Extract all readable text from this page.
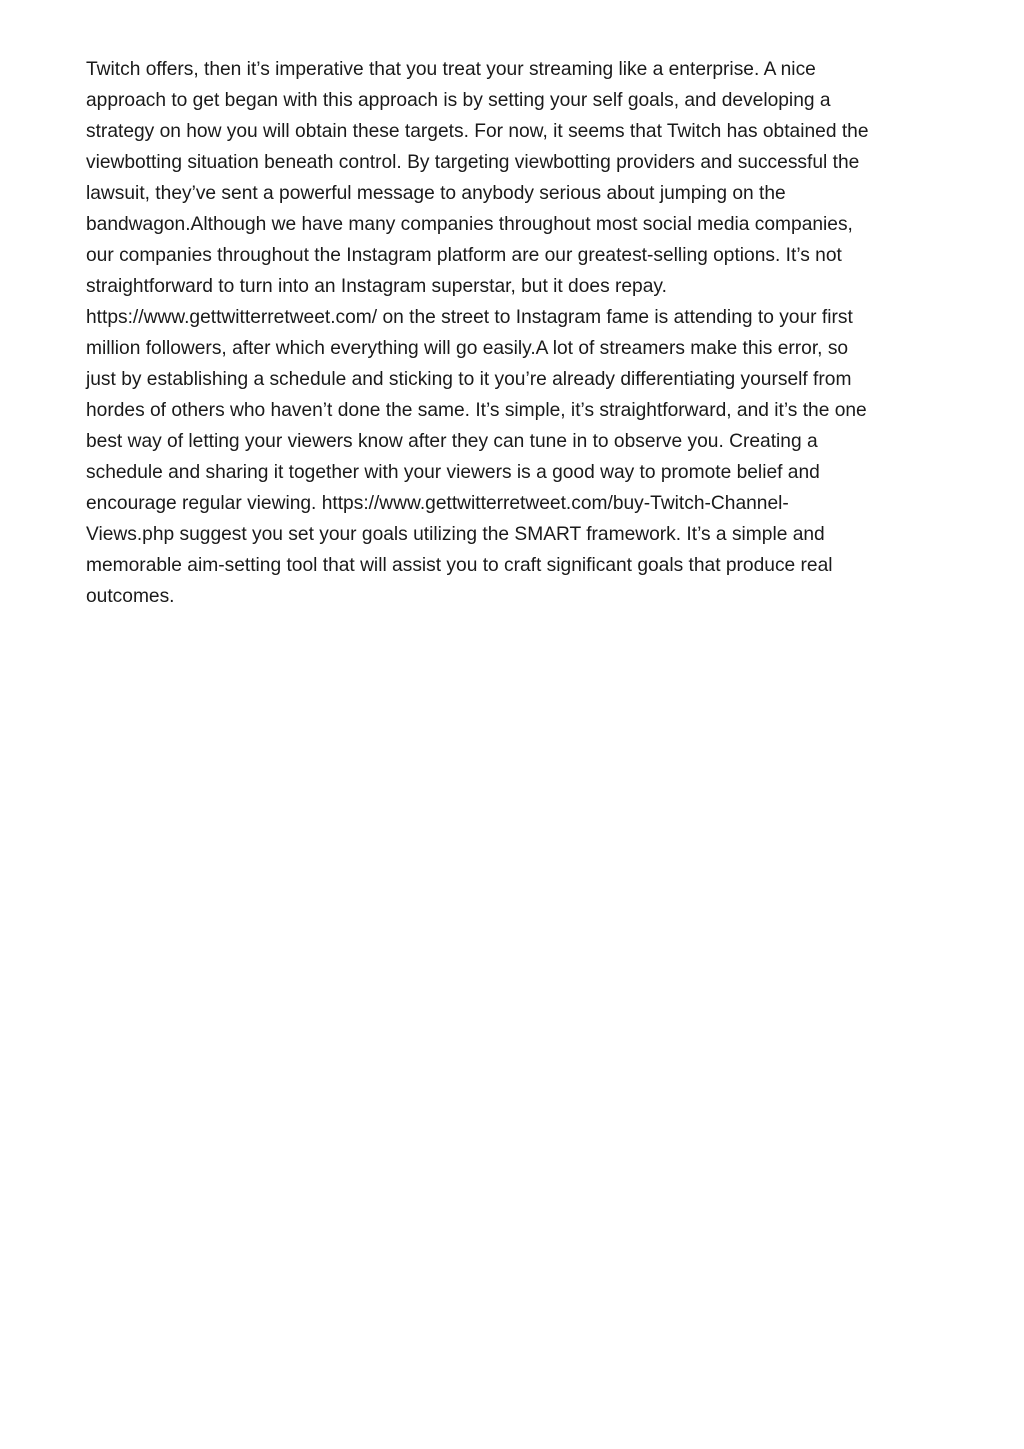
Twitch offers, then it’s imperative that you treat your streaming like a enterprise. A nice
approach to get began with this approach is by setting your self goals, and developing a
strategy on how you will obtain these targets. For now, it seems that Twitch has obtained the
viewbotting situation beneath control. By targeting viewbotting providers and successful the
lawsuit, they’ve sent a powerful message to anybody serious about jumping on the
bandwagon.Although we have many companies throughout most social media companies,
our companies throughout the Instagram platform are our greatest-selling options. It’s not
straightforward to turn into an Instagram superstar, but it does repay.
https://www.gettwitterretweet.com/ on the street to Instagram fame is attending to your first
million followers, after which everything will go easily.A lot of streamers make this error, so
just by establishing a schedule and sticking to it you’re already differentiating yourself from
hordes of others who haven’t done the same. It’s simple, it’s straightforward, and it’s the one
best way of letting your viewers know after they can tune in to observe you. Creating a
schedule and sharing it together with your viewers is a good way to promote belief and
encourage regular viewing. https://www.gettwitterretweet.com/buy-Twitch-Channel-
Views.php suggest you set your goals utilizing the SMART framework. It’s a simple and
memorable aim-setting tool that will assist you to craft significant goals that produce real
outcomes.
